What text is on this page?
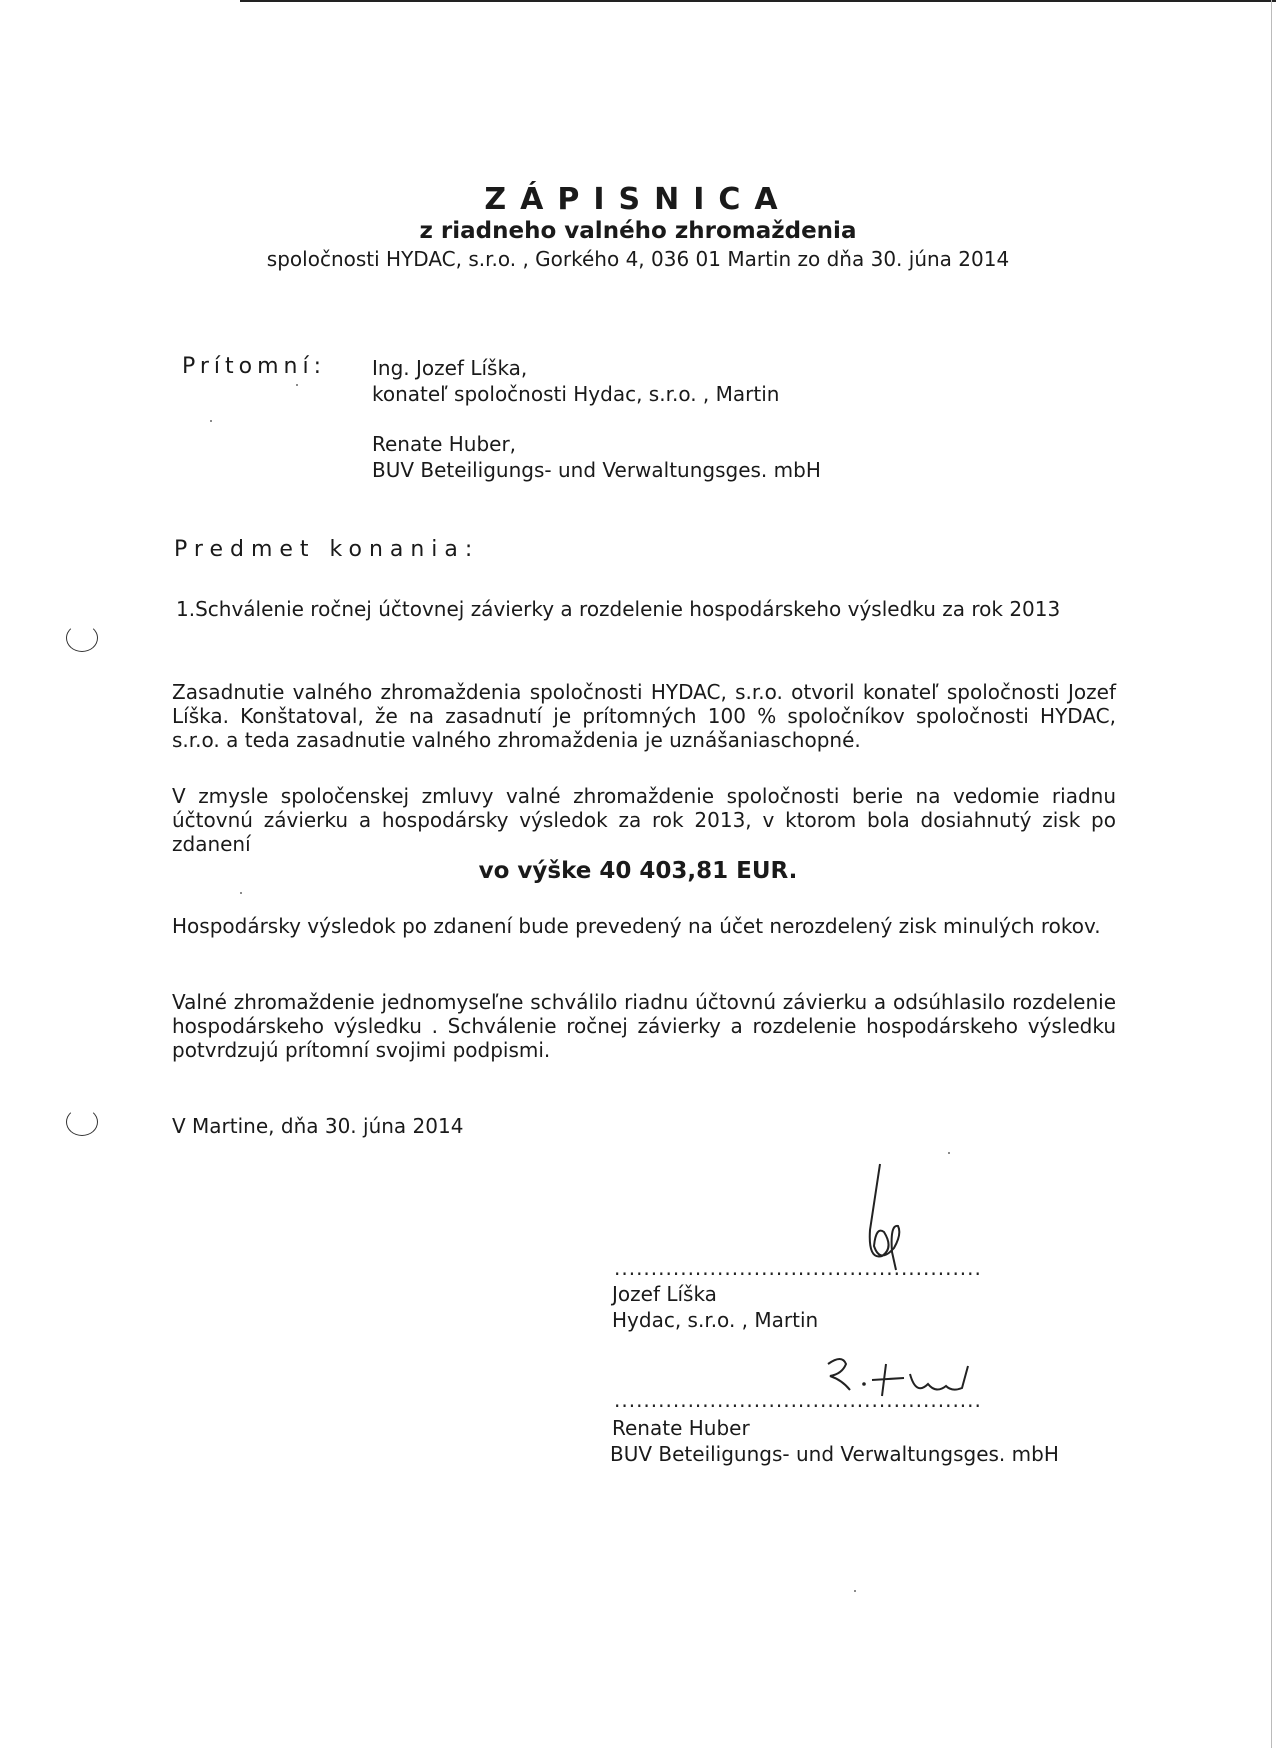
ZÁPISNICA
z riadneho valného zhromaždenia
spoločnosti HYDAC, s.r.o. , Gorkého 4, 036 01 Martin zo dňa 30. júna 2014
Prítomní: Ing. Jozef Líška,
konateľ spoločnosti Hydac, s.r.o. , Martin
Renate Huber,
BUV Beteiligungs- und Verwaltungsges. mbH
Predmet konania:
1.Schválenie ročnej účtovnej závierky a rozdelenie hospodárskeho výsledku za rok 2013
Zasadnutie valného zhromaždenia spoločnosti HYDAC, s.r.o. otvoril konateľ spoločnosti Jozef Líška. Konštatoval, že na zasadnutí je prítomných 100 % spoločníkov spoločnosti HYDAC, s.r.o. a teda zasadnutie valného zhromaždenia je uznášaniaschopné.
V zmysle spoločenskej zmluvy valné zhromaždenie spoločnosti berie na vedomie riadnu účtovnú závierku a hospodársky výsledok za rok 2013, v ktorom bola dosiahnutý zisk po zdanení
vo výške 40 403,81 EUR.
Hospodársky výsledok po zdanení bude prevedený na účet nerozdelený zisk minulých rokov.
Valné zhromaždenie jednomyseľne schválilo riadnu účtovnú závierku a odsúhlasilo rozdelenie hospodárskeho výsledku . Schválenie ročnej závierky a rozdelenie hospodárskeho výsledku potvrdzujú prítomní svojimi podpismi.
V Martine, dňa 30. júna 2014
..................................................
Jozef Líška
Hydac, s.r.o. , Martin
..................................................
Renate Huber
BUV Beteiligungs- und Verwaltungsges. mbH
